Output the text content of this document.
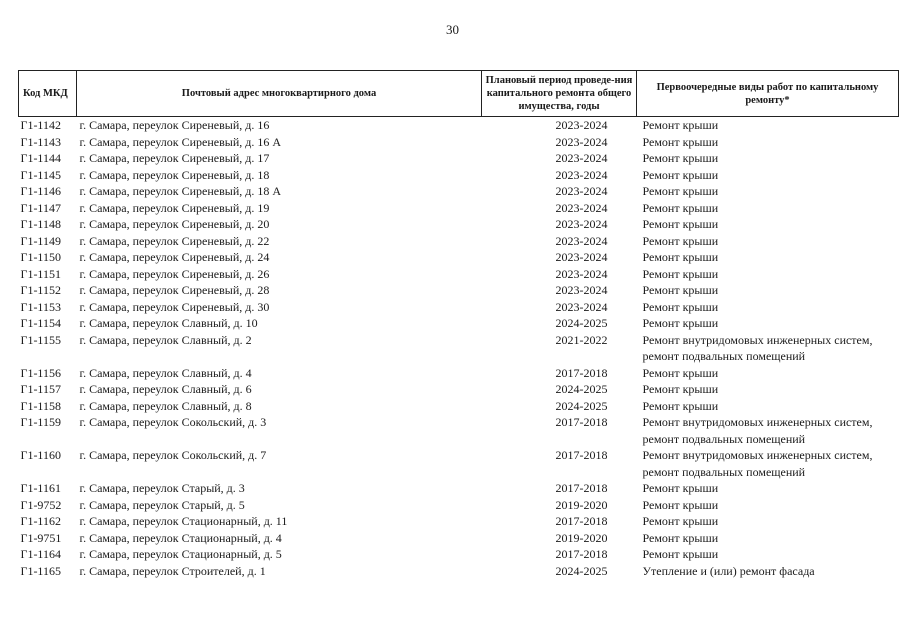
30
Код МКД	Почтовый адрес многоквартирного дома	Плановый период проведе-ния капитального ремонта общего имущества, годы	Первоочередные виды работ по капитальному ремонту*
Г1-1142	г. Самара, переулок Сиреневый, д. 16	2023-2024	Ремонт крыши
Г1-1143	г. Самара, переулок Сиреневый, д. 16 А	2023-2024	Ремонт крыши
Г1-1144	г. Самара, переулок Сиреневый, д. 17	2023-2024	Ремонт крыши
Г1-1145	г. Самара, переулок Сиреневый, д. 18	2023-2024	Ремонт крыши
Г1-1146	г. Самара, переулок Сиреневый, д. 18 А	2023-2024	Ремонт крыши
Г1-1147	г. Самара, переулок Сиреневый, д. 19	2023-2024	Ремонт крыши
Г1-1148	г. Самара, переулок Сиреневый, д. 20	2023-2024	Ремонт крыши
Г1-1149	г. Самара, переулок Сиреневый, д. 22	2023-2024	Ремонт крыши
Г1-1150	г. Самара, переулок Сиреневый, д. 24	2023-2024	Ремонт крыши
Г1-1151	г. Самара, переулок Сиреневый, д. 26	2023-2024	Ремонт крыши
Г1-1152	г. Самара, переулок Сиреневый, д. 28	2023-2024	Ремонт крыши
Г1-1153	г. Самара, переулок Сиреневый, д. 30	2023-2024	Ремонт крыши
Г1-1154	г. Самара, переулок Славный, д. 10	2024-2025	Ремонт крыши
Г1-1155	г. Самара, переулок Славный, д. 2	2021-2022	Ремонт внутридомовых инженерных систем, ремонт подвальных помещений
Г1-1156	г. Самара, переулок Славный, д. 4	2017-2018	Ремонт крыши
Г1-1157	г. Самара, переулок Славный, д. 6	2024-2025	Ремонт крыши
Г1-1158	г. Самара, переулок Славный, д. 8	2024-2025	Ремонт крыши
Г1-1159	г. Самара, переулок Сокольский, д. 3	2017-2018	Ремонт внутридомовых инженерных систем, ремонт подвальных помещений
Г1-1160	г. Самара, переулок Сокольский, д. 7	2017-2018	Ремонт внутридомовых инженерных систем, ремонт подвальных помещений
Г1-1161	г. Самара, переулок Старый, д. 3	2017-2018	Ремонт крыши
Г1-9752	г. Самара, переулок Старый, д. 5	2019-2020	Ремонт крыши
Г1-1162	г. Самара, переулок Стационарный, д. 11	2017-2018	Ремонт крыши
Г1-9751	г. Самара, переулок Стационарный, д. 4	2019-2020	Ремонт крыши
Г1-1164	г. Самара, переулок Стационарный, д. 5	2017-2018	Ремонт крыши
Г1-1165	г. Самара, переулок Строителей, д. 1	2024-2025	Утепление и (или) ремонт фасада
